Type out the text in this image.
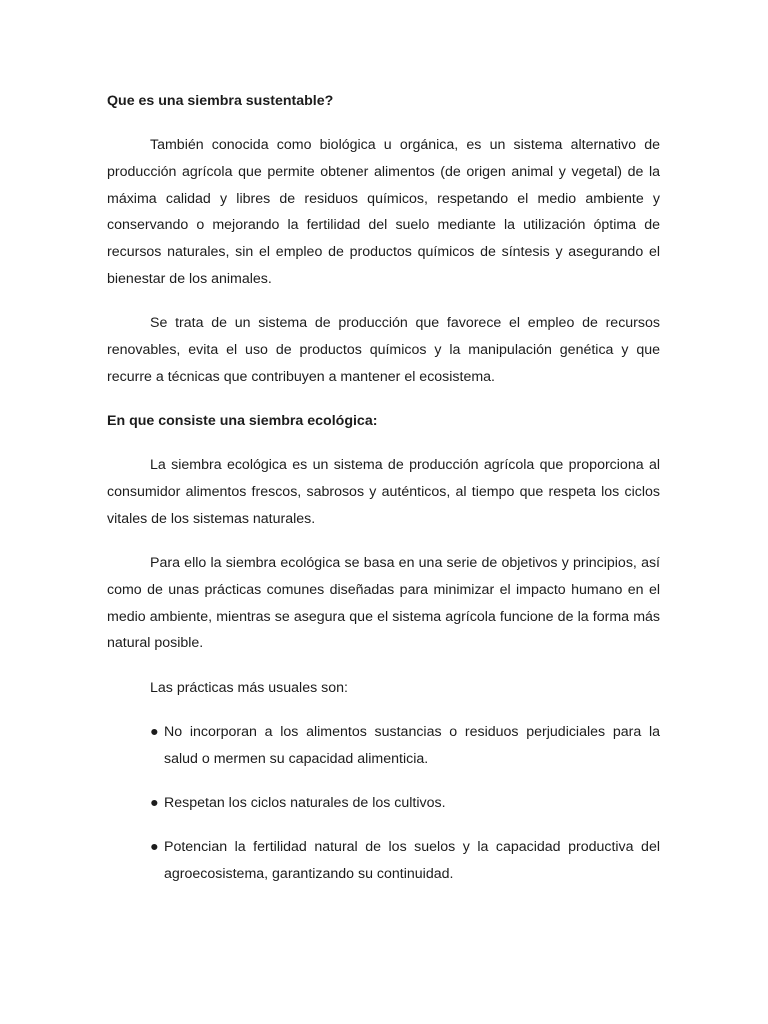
Que es una siembra sustentable?

También conocida como biológica u orgánica, es un sistema alternativo de producción agrícola que permite obtener alimentos (de origen animal y vegetal) de la máxima calidad y libres de residuos químicos, respetando el medio ambiente y conservando o mejorando la fertilidad del suelo mediante la utilización óptima de recursos naturales, sin el empleo de productos químicos de síntesis y asegurando el bienestar de los animales.

Se trata de un sistema de producción que favorece el empleo de recursos renovables, evita el uso de productos químicos y la manipulación genética y que recurre a técnicas que contribuyen a mantener el ecosistema.

En que consiste una siembra ecológica:

La siembra ecológica es un sistema de producción agrícola que proporciona al consumidor alimentos frescos, sabrosos y auténticos, al tiempo que respeta los ciclos vitales de los sistemas naturales.

Para ello la siembra ecológica se basa en una serie de objetivos y principios, así como de unas prácticas comunes diseñadas para minimizar el impacto humano en el medio ambiente, mientras se asegura que el sistema agrícola funcione de la forma más natural posible.

Las prácticas más usuales son:

● No incorporan a los alimentos sustancias o residuos perjudiciales para la salud o mermen su capacidad alimenticia.
● Respetan los ciclos naturales de los cultivos.
● Potencian la fertilidad natural de los suelos y la capacidad productiva del agroecosistema, garantizando su continuidad.
